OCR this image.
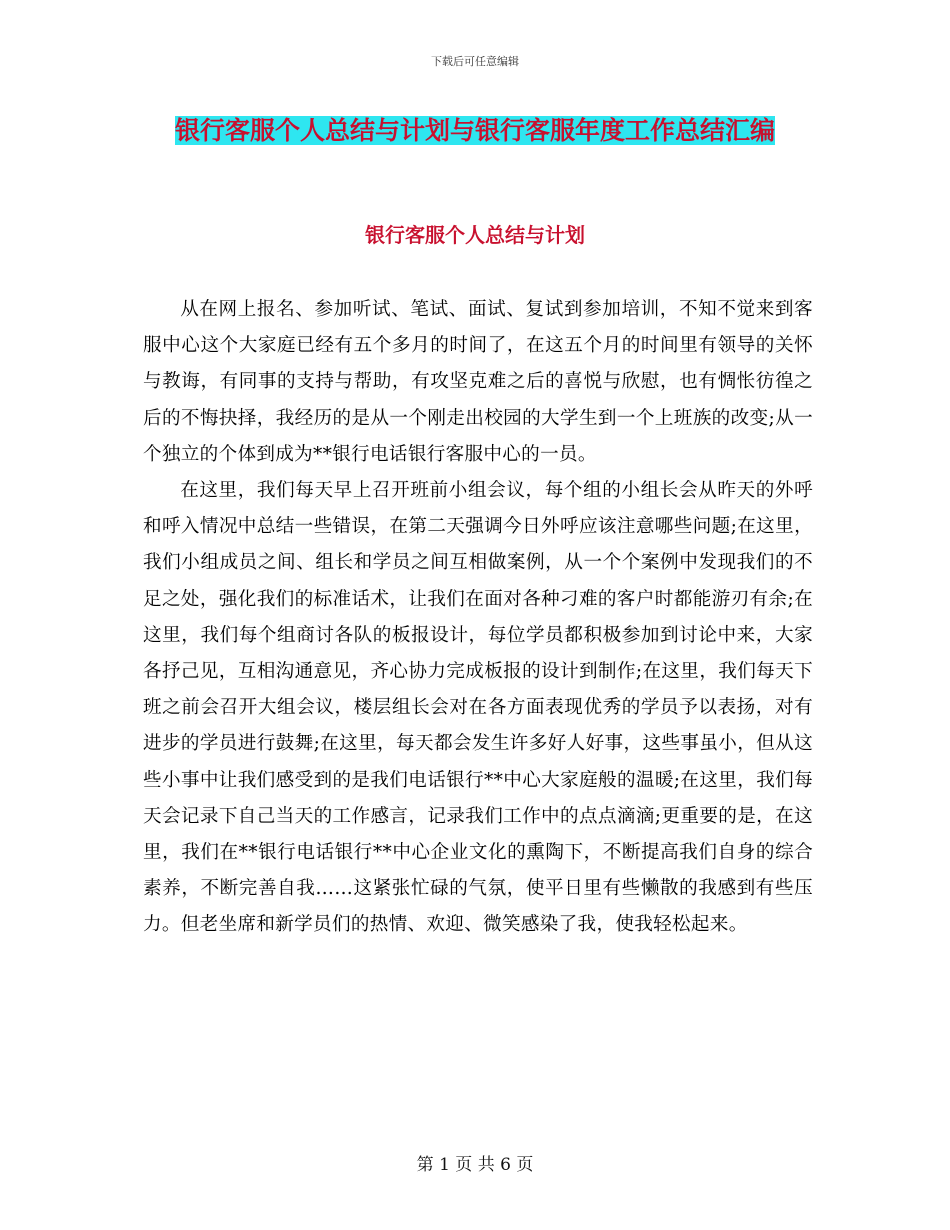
下载后可任意编辑
银行客服个人总结与计划与银行客服年度工作总结汇编
银行客服个人总结与计划

从在网上报名、参加听试、笔试、面试、复试到参加培训，不知不觉来到客服中心这个大家庭已经有五个多月的时间了，在这五个月的时间里有领导的关怀与教诲，有同事的支持与帮助，有攻坚克难之后的喜悦与欣慰，也有惆怅彷徨之后的不悔抉择，我经历的是从一个刚走出校园的大学生到一个上班族的改变;从一个独立的个体到成为**银行电话银行客服中心的一员。

在这里，我们每天早上召开班前小组会议，每个组的小组长会从昨天的外呼和呼入情况中总结一些错误，在第二天强调今日外呼应该注意哪些问题;在这里，我们小组成员之间、组长和学员之间互相做案例，从一个个案例中发现我们的不足之处，强化我们的标准话术，让我们在面对各种刁难的客户时都能游刃有余;在这里，我们每个组商讨各队的板报设计，每位学员都积极参加到讨论中来，大家各抒己见，互相沟通意见，齐心协力完成板报的设计到制作;在这里，我们每天下班之前会召开大组会议，楼层组长会对在各方面表现优秀的学员予以表扬，对有进步的学员进行鼓舞;在这里，每天都会发生许多好人好事，这些事虽小，但从这些小事中让我们感受到的是我们电话银行**中心大家庭般的温暖;在这里，我们每天会记录下自己当天的工作感言，记录我们工作中的点点滴滴;更重要的是，在这里，我们在**银行电话银行**中心企业文化的熏陶下，不断提高我们自身的综合素养，不断完善自我……这紧张忙碌的气氛，使平日里有些懒散的我感到有些压力。但老坐席和新学员们的热情、欢迎、微笑感染了我，使我轻松起来。

第 1 页 共 6 页
